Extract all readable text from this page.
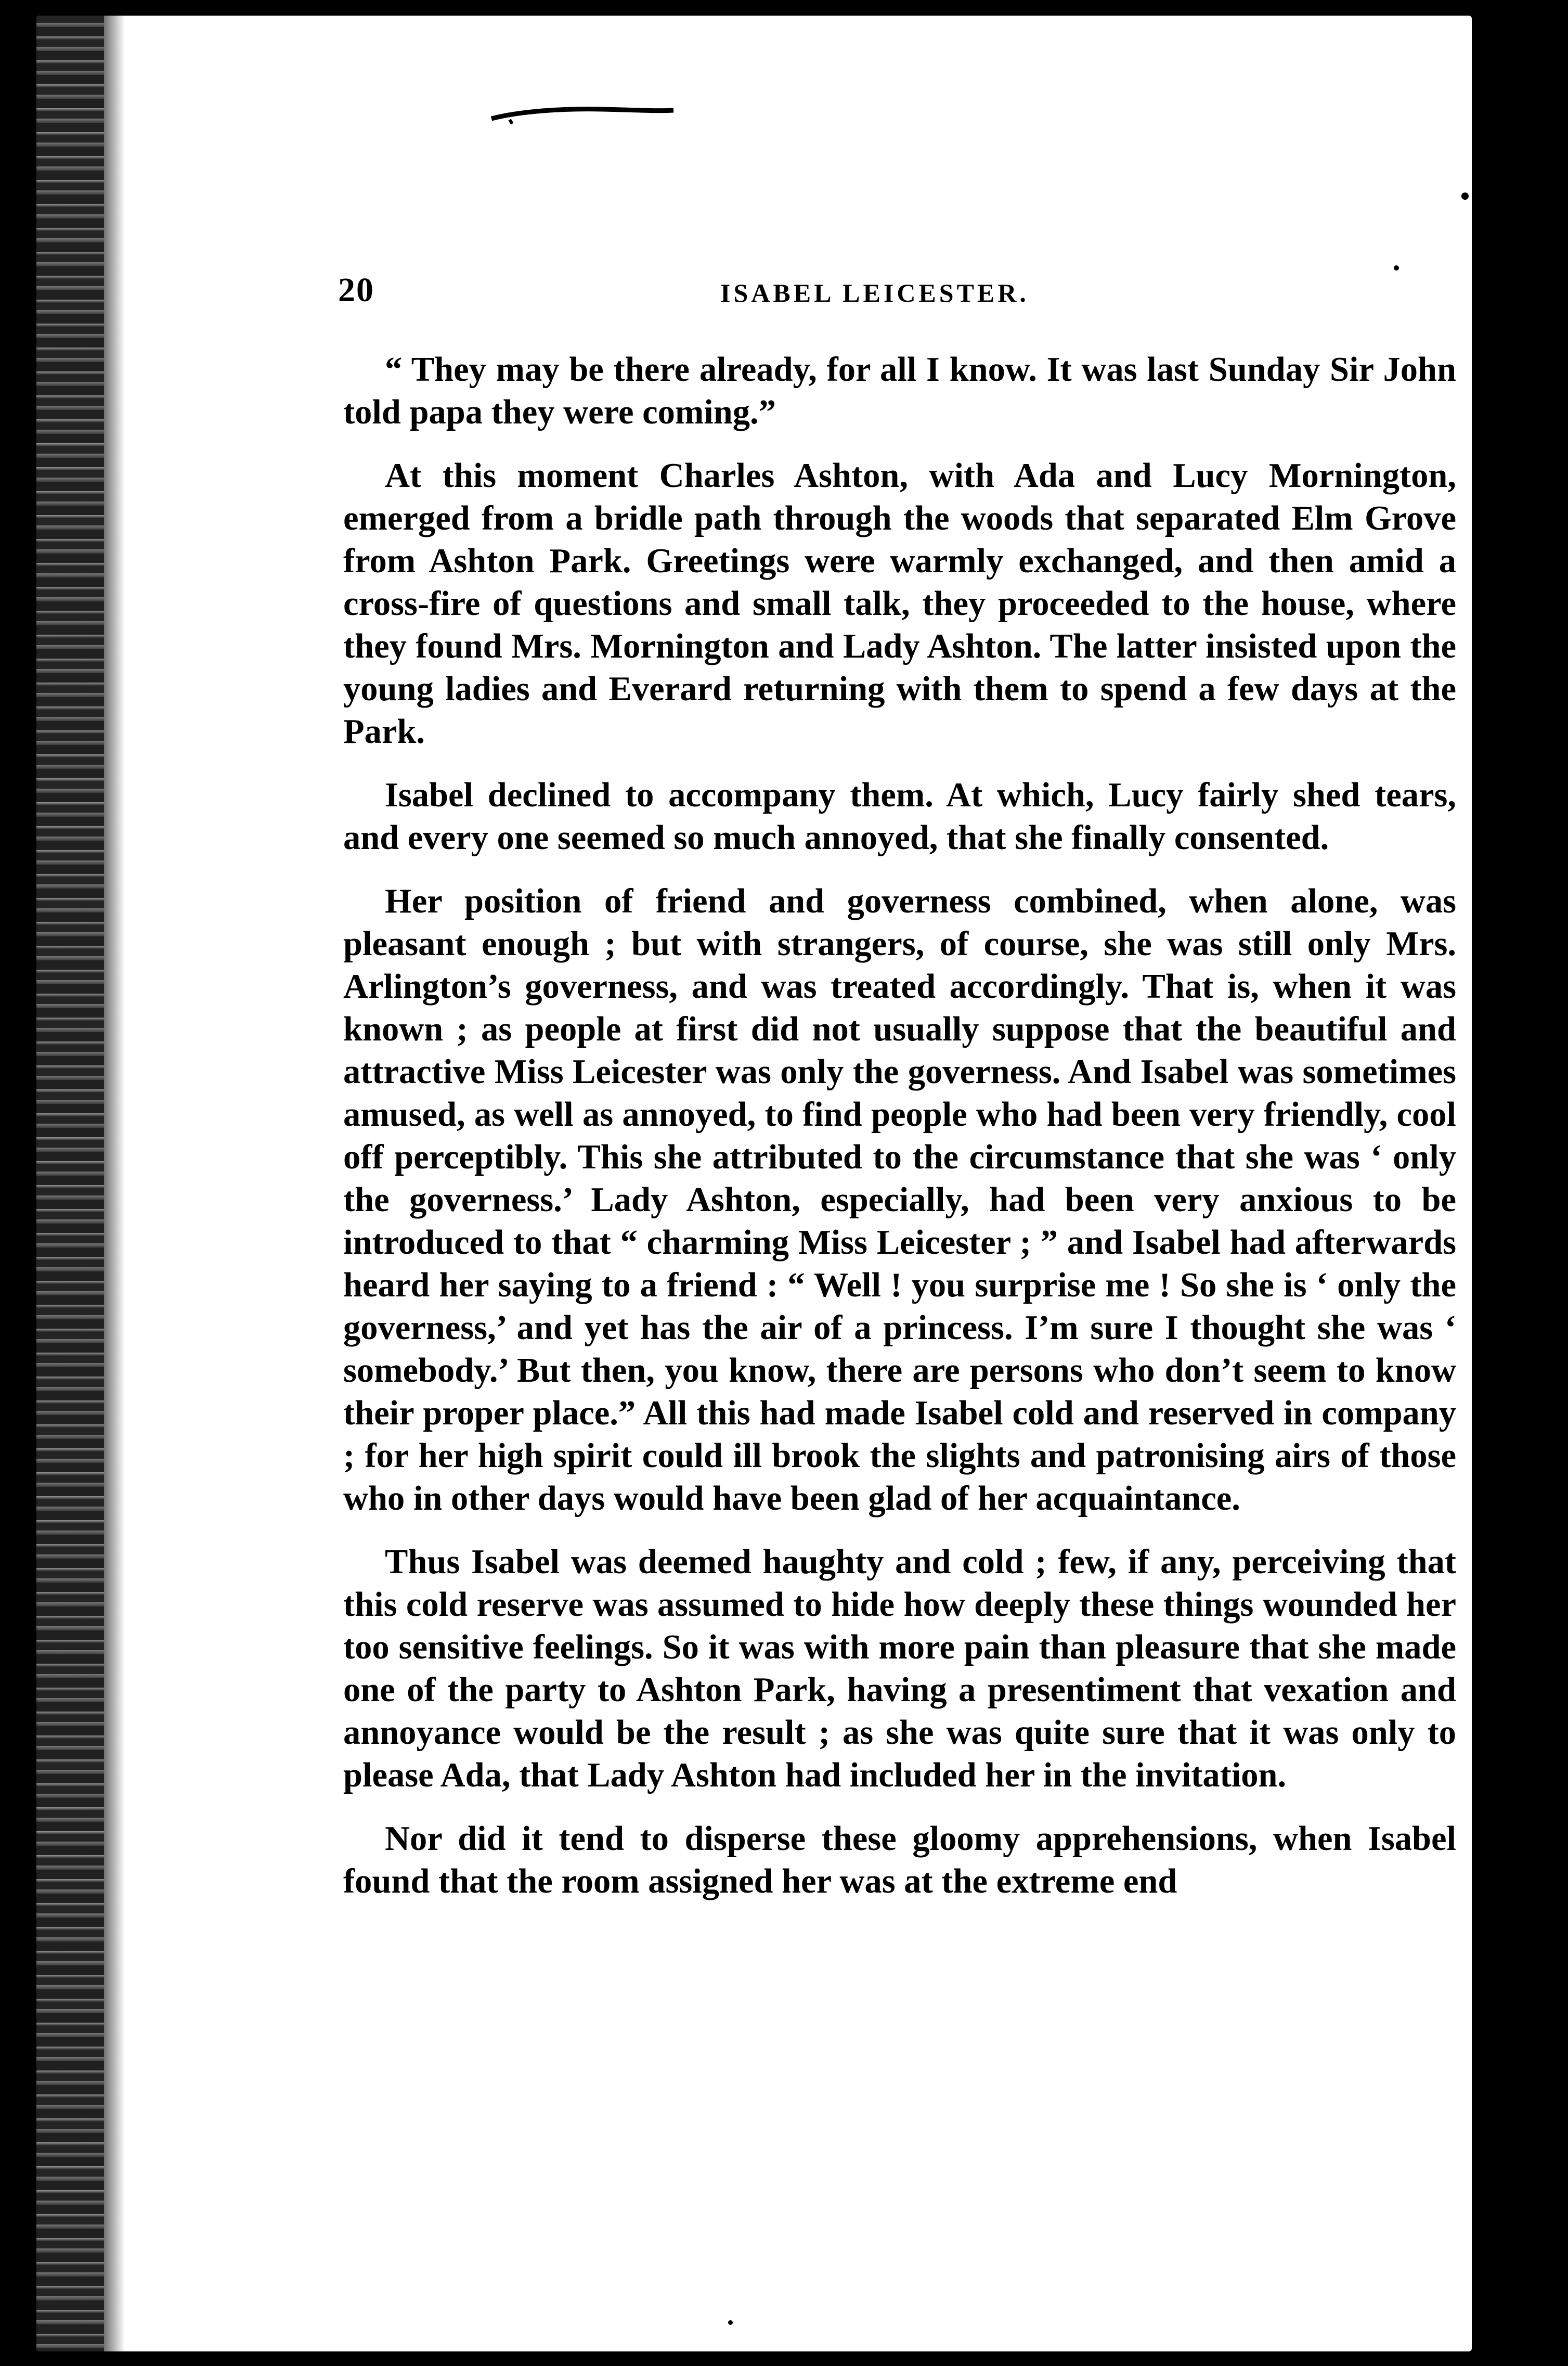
20	ISABEL LEICESTER.

“ They may be there already, for all I know. It was last Sunday Sir John told papa they were coming.”

At this moment Charles Ashton, with Ada and Lucy Mornington, emerged from a bridle path through the woods that separated Elm Grove from Ashton Park. Greetings were warmly exchanged, and then amid a cross-fire of questions and small talk, they proceeded to the house, where they found Mrs. Mornington and Lady Ashton. The latter insisted upon the young ladies and Everard returning with them to spend a few days at the Park.

Isabel declined to accompany them. At which, Lucy fairly shed tears, and every one seemed so much annoyed, that she finally consented.

Her position of friend and governess combined, when alone, was pleasant enough ; but with strangers, of course, she was still only Mrs. Arlington’s governess, and was treated accordingly. That is, when it was known ; as people at first did not usually suppose that the beautiful and attractive Miss Leicester was only the governess. And Isabel was sometimes amused, as well as annoyed, to find people who had been very friendly, cool off perceptibly. This she attributed to the circumstance that she was ‘ only the governess.’ Lady Ashton, especially, had been very anxious to be introduced to that “ charming Miss Leicester ; ” and Isabel had afterwards heard her saying to a friend : “ Well ! you surprise me ! So she is ‘ only the governess,’ and yet has the air of a princess. I’m sure I thought she was ‘ somebody.’ But then, you know, there are persons who don’t seem to know their proper place.” All this had made Isabel cold and reserved in company ; for her high spirit could ill brook the slights and patronising airs of those who in other days would have been glad of her acquaintance.

Thus Isabel was deemed haughty and cold ; few, if any, perceiving that this cold reserve was assumed to hide how deeply these things wounded her too sensitive feelings. So it was with more pain than pleasure that she made one of the party to Ashton Park, having a presentiment that vexation and annoyance would be the result ; as she was quite sure that it was only to please Ada, that Lady Ashton had included her in the invitation.

Nor did it tend to disperse these gloomy apprehensions, when Isabel found that the room assigned her was at the extreme end
